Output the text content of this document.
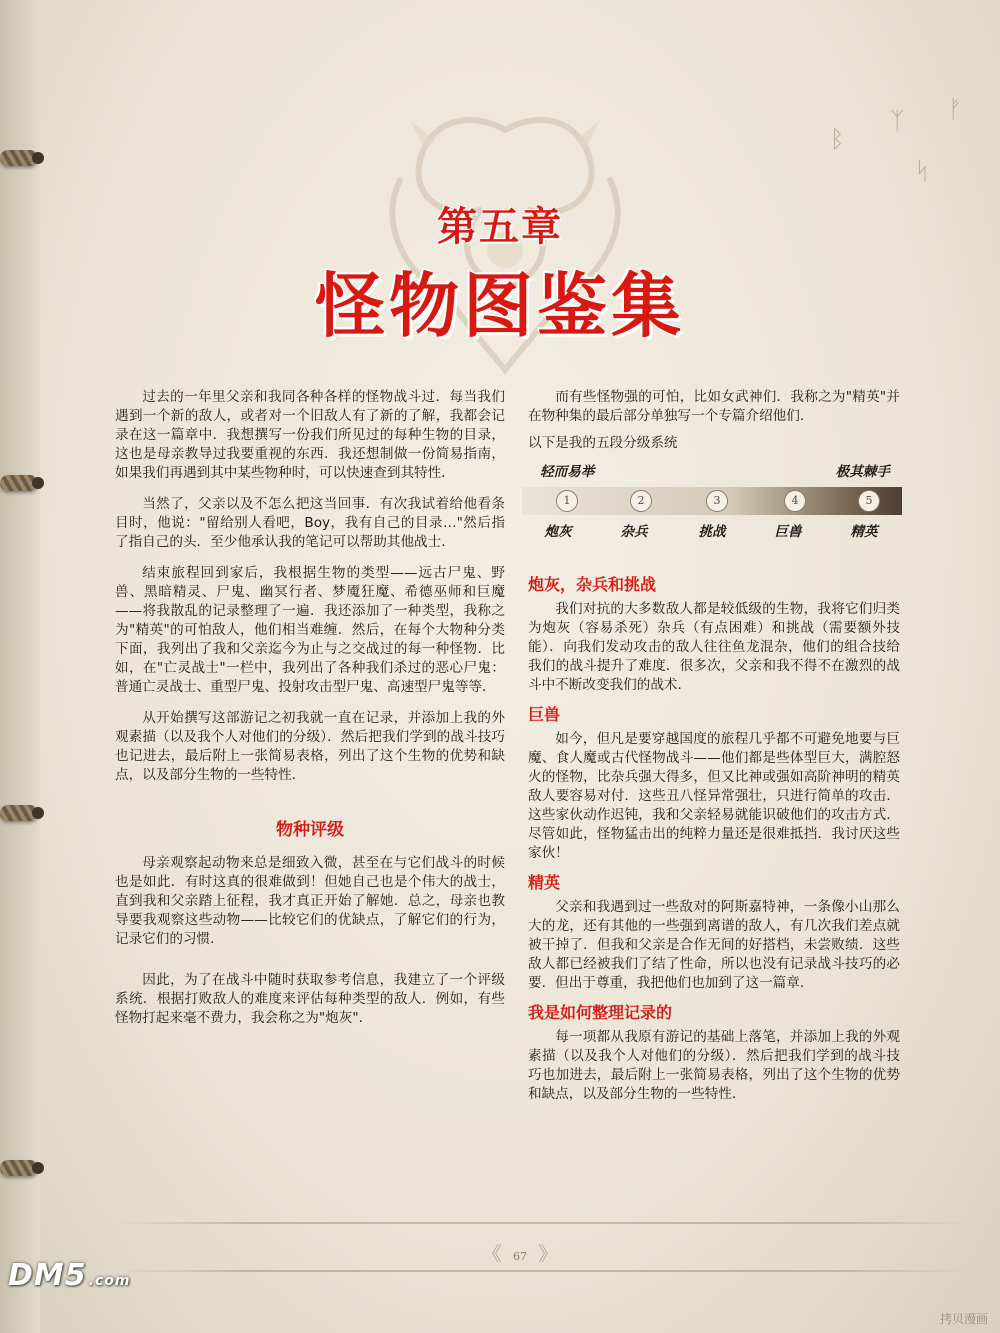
ᛒ
ᛉ ᚠ
ᛋ
第五章
怪物图鉴集

过去的一年里父亲和我同各种各样的怪物战斗过．每当我们遇到一个新的敌人，或者对一个旧敌人有了新的了解，我都会记录在这一篇章中．我想撰写一份我们所见过的每种生物的目录，这也是母亲教导过我要重视的东西．我还想制做一份简易指南，如果我们再遇到其中某些物种时，可以快速查到其特性．

当然了，父亲以及不怎么把这当回事．有次我试着给他看条目时，他说："留给别人看吧，Boy，我有自己的目录…"然后指了指自己的头．至少他承认我的笔记可以帮助其他战士．

结束旅程回到家后，我根据生物的类型——远古尸鬼、野兽、黑暗精灵、尸鬼、幽冥行者、梦魇狂魔、希德巫师和巨魔——将我散乱的记录整理了一遍．我还添加了一种类型，我称之为"精英"的可怕敌人，他们相当难缠．然后，在每个大物种分类下面，我列出了我和父亲迄今为止与之交战过的每一种怪物．比如，在"亡灵战士"一栏中，我列出了各种我们杀过的恶心尸鬼：普通亡灵战士、重型尸鬼、投射攻击型尸鬼、高速型尸鬼等等．

从开始撰写这部游记之初我就一直在记录，并添加上我的外观素描（以及我个人对他们的分级）．然后把我们学到的战斗技巧也记进去，最后附上一张简易表格，列出了这个生物的优势和缺点，以及部分生物的一些特性．

物种评级

母亲观察起动物来总是细致入微，甚至在与它们战斗的时候也是如此．有时这真的很难做到！但她自己也是个伟大的战士，直到我和父亲踏上征程，我才真正开始了解她．总之，母亲也教导要我观察这些动物——比较它们的优缺点，了解它们的行为，记录它们的习惯．

因此，为了在战斗中随时获取参考信息，我建立了一个评级系统．根据打败敌人的难度来评估每种类型的敌人．例如，有些怪物打起来毫不费力，我会称之为"炮灰"．

而有些怪物强的可怕，比如女武神们．我称之为"精英"并在物种集的最后部分单独写一个专篇介绍他们．

以下是我的五段分级系统

轻而易举	极其棘手
1	2	3	4	5
炮灰	杂兵	挑战	巨兽	精英
炮灰，杂兵和挑战

我们对抗的大多数敌人都是较低级的生物，我将它们归类为炮灰（容易杀死）杂兵（有点困难）和挑战（需要额外技能）．向我们发动攻击的敌人往往鱼龙混杂，他们的组合技给我们的战斗提升了难度．很多次，父亲和我不得不在激烈的战斗中不断改变我们的战术．

巨兽

如今，但凡是要穿越国度的旅程几乎都不可避免地要与巨魔、食人魔或古代怪物战斗——他们都是些体型巨大，满腔怒火的怪物，比杂兵强大得多，但又比神或强如高阶神明的精英敌人要容易对付．这些丑八怪异常强壮，只进行简单的攻击．这些家伙动作迟钝，我和父亲轻易就能识破他们的攻击方式．尽管如此，怪物猛击出的纯粹力量还是很难抵挡．我讨厌这些家伙！

精英

父亲和我遇到过一些敌对的阿斯嘉特神，一条像小山那么大的龙，还有其他的一些强到离谱的敌人，有几次我们差点就被干掉了．但我和父亲是合作无间的好搭档，未尝败绩．这些敌人都已经被我们了结了性命，所以也没有记录战斗技巧的必要．但出于尊重，我把他们也加到了这一篇章．

我是如何整理记录的

每一项都从我原有游记的基础上落笔，并添加上我的外观素描（以及我个人对他们的分级）．然后把我们学到的战斗技巧也加进去，最后附上一张简易表格，列出了这个生物的优势和缺点，以及部分生物的一些特性．

《 67 》
DM5 .com
拷贝漫画
